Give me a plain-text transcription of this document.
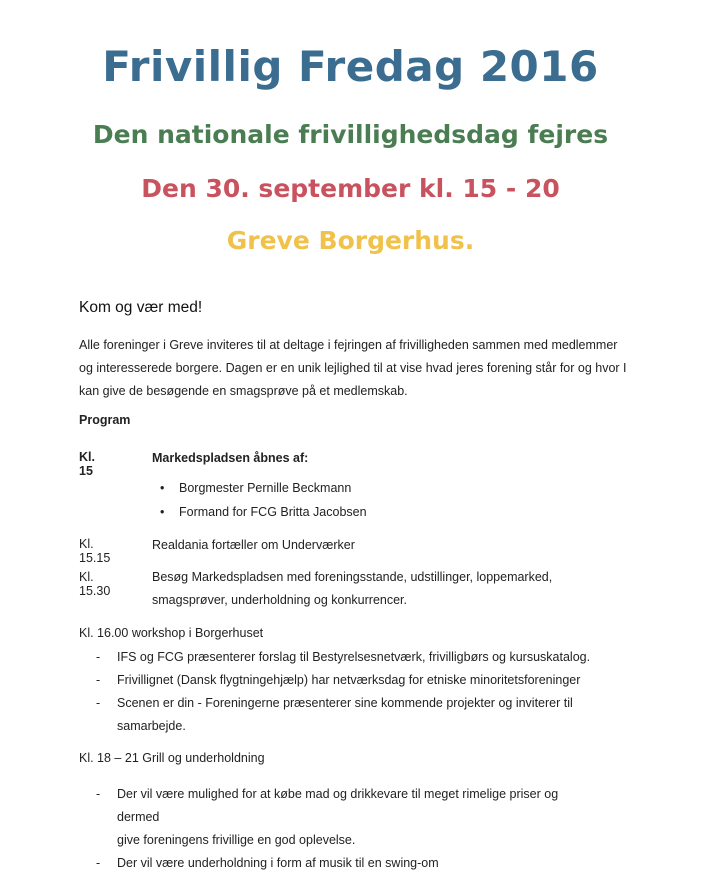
Frivillig Fredag 2016
Den nationale frivillighedsdag fejres
Den 30. september kl. 15 - 20
Greve Borgerhus.
Kom og vær med!
Alle foreninger i Greve inviteres til at deltage i fejringen af frivilligheden sammen med medlemmer
og interesserede borgere. Dagen er en unik lejlighed til at vise hvad jeres forening står for og hvor I
kan give de besøgende en smagsprøve på et medlemskab.
Program
Kl. 15
Markedspladsen åbnes af:
• Borgmester Pernille Beckmann
• Formand for FCG Britta Jacobsen
Kl. 15.15
Realdania fortæller om Underværker
Kl. 15.30
Besøg Markedspladsen med foreningsstande, udstillinger, loppemarked,
smagsprøver, underholdning og konkurrencer.
Kl. 16.00 workshop i Borgerhuset
- IFS og FCG præsenterer forslag til Bestyrelsesnetværk, frivilligbørs og kursuskatalog.
- Frivillignet (Dansk flygtningehjælp) har netværksdag for etniske minoritetsforeninger
- Scenen er din - Foreningerne præsenterer sine kommende projekter og inviterer til
samarbejde.
Kl. 18 – 21 Grill og underholdning
- Der vil være mulighed for at købe mad og drikkevare til meget rimelige priser og dermed
give foreningens frivillige en god oplevelse.
- Der vil være underholdning i form af musik til en swing-om
